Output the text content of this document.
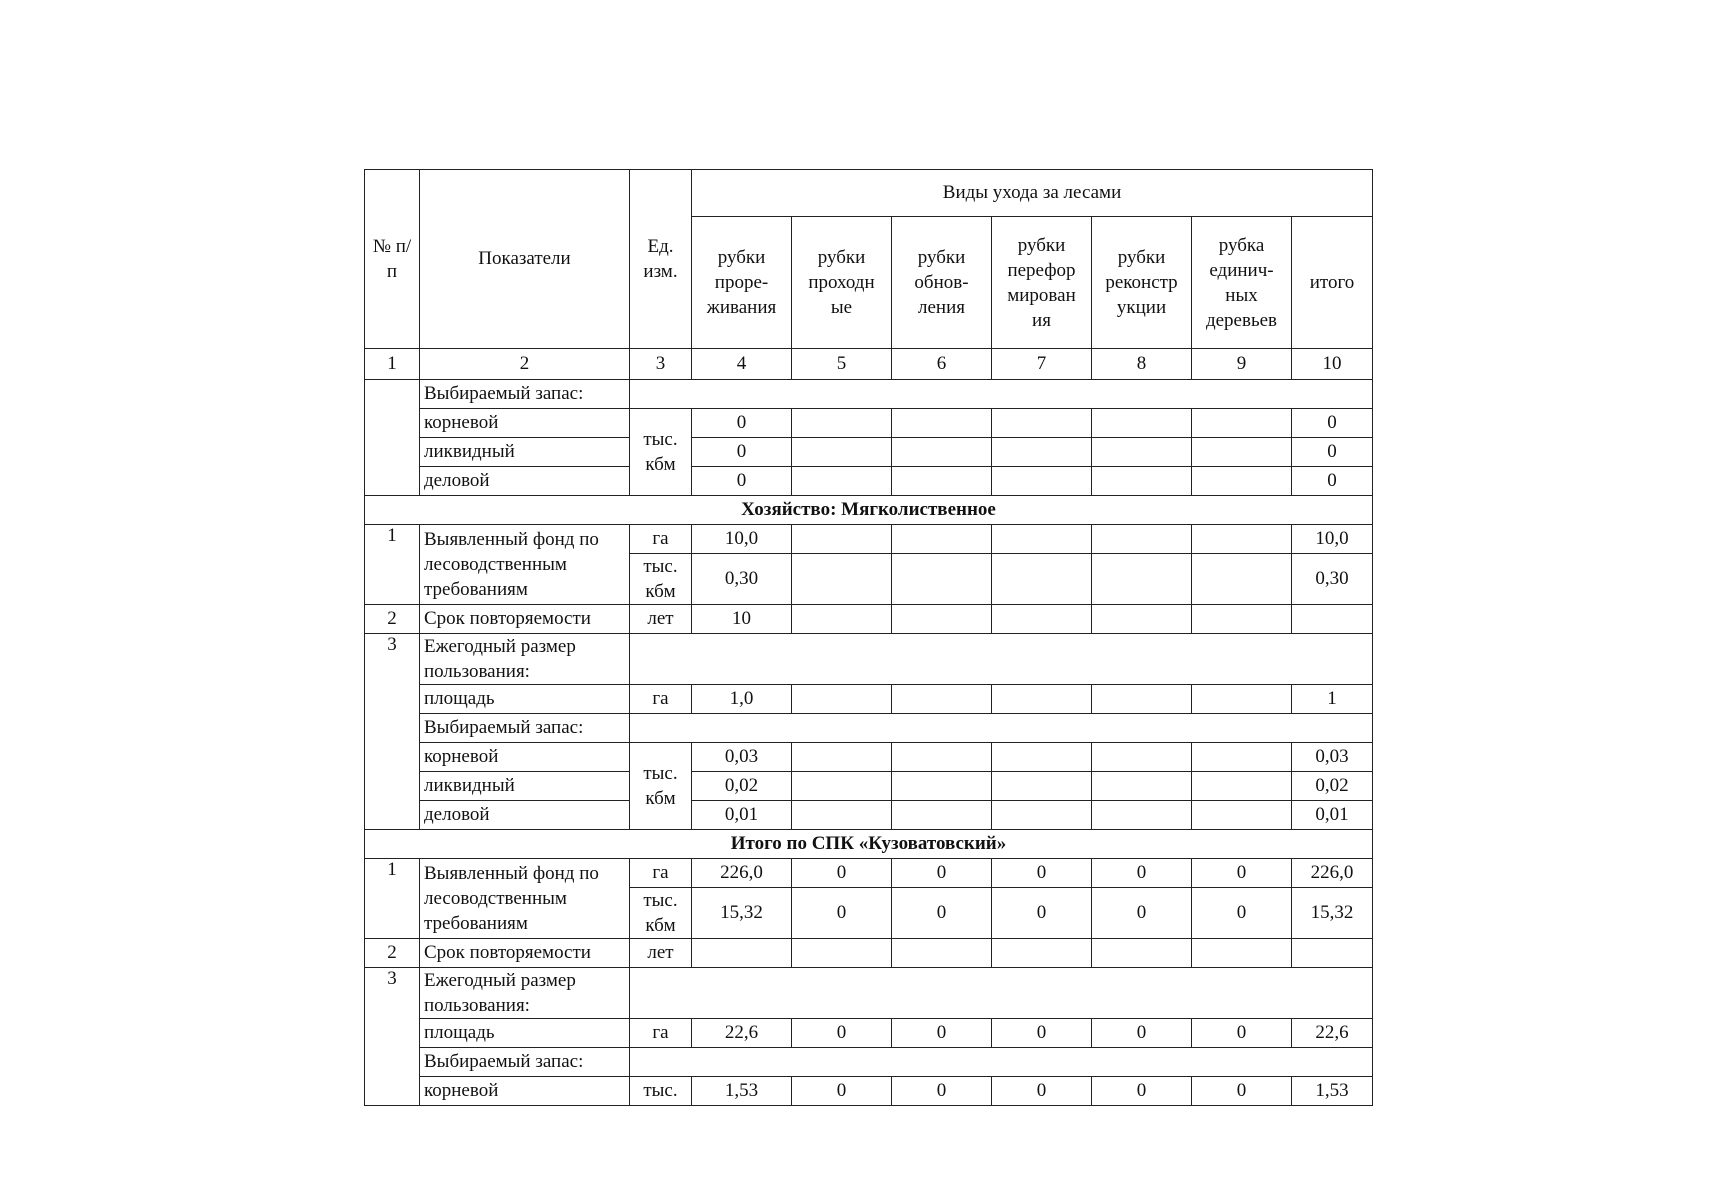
№ п/п	Показатели	Ед. изм.	Виды ухода за лесами						
			рубки проре-живания	рубки проходн ые	рубки обнов-ления	рубки перефор мирован ия	рубки реконстр укции	рубка единич-ных деревьев	итого
1	2	3	4	5	6	7	8	9	10
	Выбираемый запас:								
	корневой	тыс. кбм	0						0
	ликвидный		0						0
	деловой		0						0
Хозяйство: Мягколиственное									
1	Выявленный фонд по лесоводственным требованиям	га	10,0						10,0
		тыс. кбм	0,30						0,30
2	Срок повторяемости	лет	10						
3	Ежегодный размер пользования:								
	площадь	га	1,0						1
	Выбираемый запас:								
	корневой	тыс. кбм	0,03						0,03
	ликвидный		0,02						0,02
	деловой		0,01						0,01
Итого по СПК «Кузоватовский»									
1	Выявленный фонд по лесоводственным требованиям	га	226,0	0	0	0	0	0	226,0
		тыс. кбм	15,32	0	0	0	0	0	15,32
2	Срок повторяемости	лет							
3	Ежегодный размер пользования:								
	площадь	га	22,6	0	0	0	0	0	22,6
	Выбираемый запас:								
	корневой	тыс.	1,53	0	0	0	0	0	1,53
